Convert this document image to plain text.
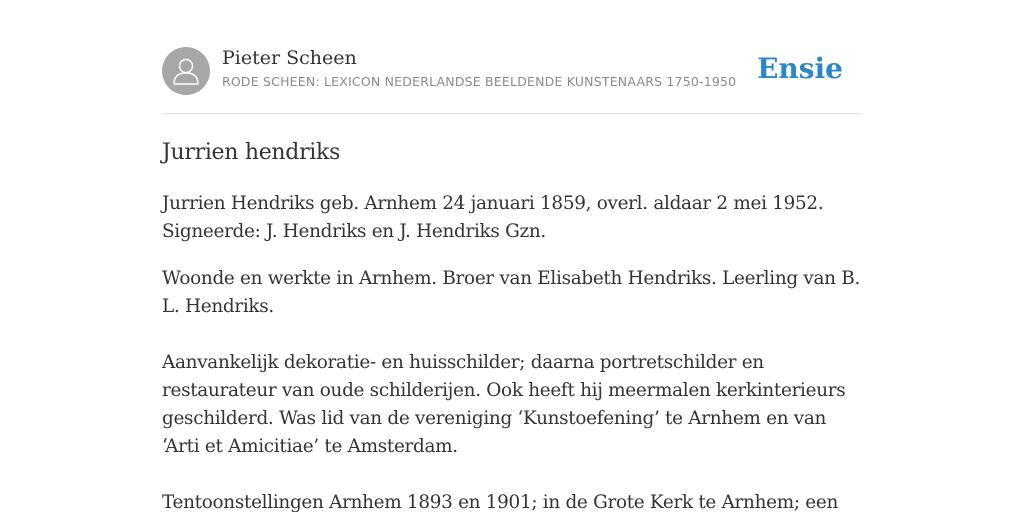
Pieter Scheen
RODE SCHEEN: LEXICON NEDERLANDSE BEELDENDE KUNSTENAARS 1750-1950 Ensie
Jurrien hendriks

Jurrien Hendriks geb. Arnhem 24 januari 1859, overl. aldaar 2 mei 1952. Signeerde: J. Hendriks en J. Hendriks Gzn.

Woonde en werkte in Arnhem. Broer van Elisabeth Hendriks. Leerling van B. L. Hendriks.

Aanvankelijk dekoratie- en huisschilder; daarna portretschilder en restaurateur van oude schilderijen. Ook heeft hij meermalen kerkinterieurs geschilderd. Was lid van de vereniging ‘Kunstoefening’ te Arnhem en van ‘Arti et Amicitiae’ te Amsterdam.

Tentoonstellingen Arnhem 1893 en 1901; in de Grote Kerk te Arnhem; een
